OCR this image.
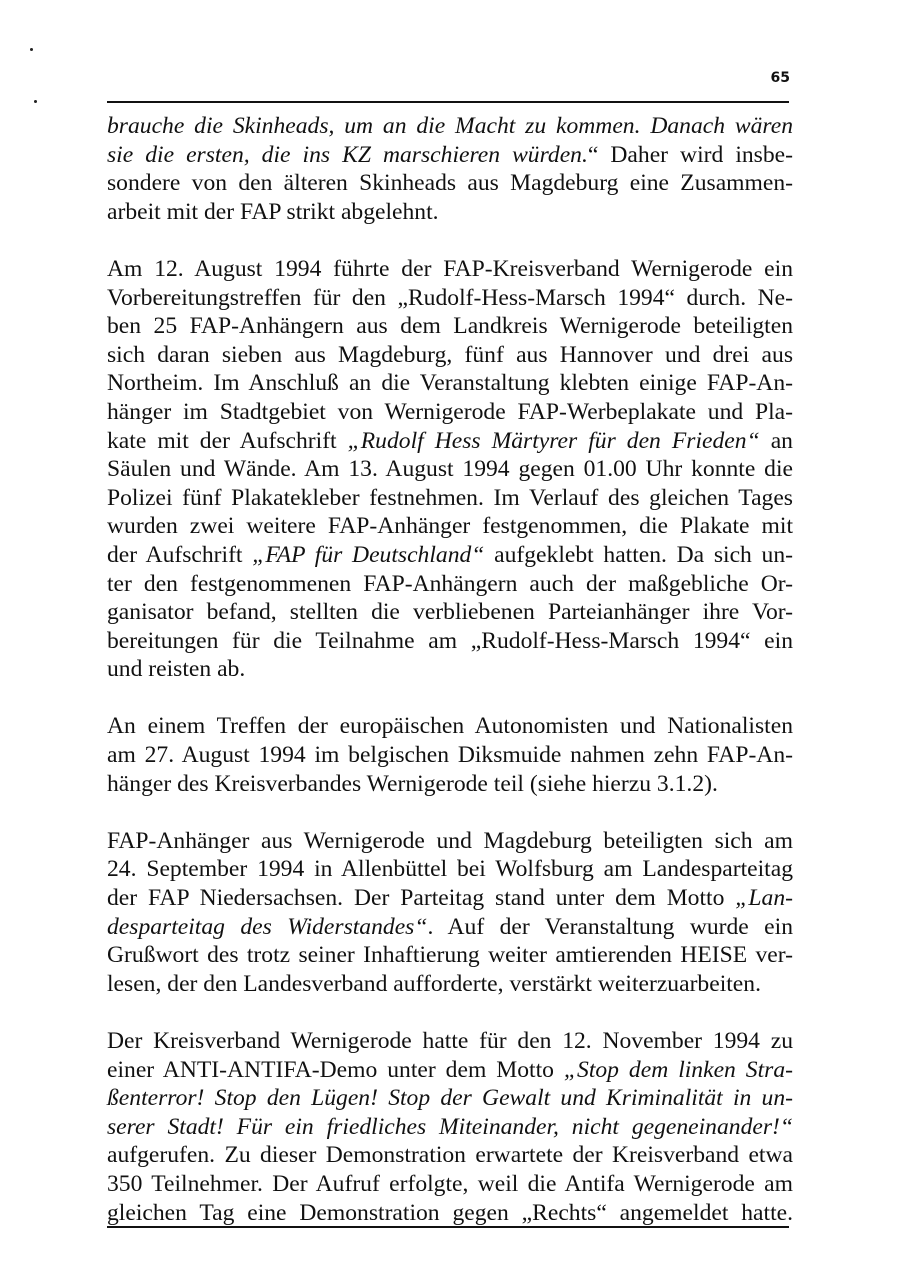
65
brauche die Skinheads, um an die Macht zu kommen. Danach wären
sie die ersten, die ins KZ marschieren würden.“ Daher wird insbe-
sondere von den älteren Skinheads aus Magdeburg eine Zusammen-
arbeit mit der FAP strikt abgelehnt.
Am 12. August 1994 führte der FAP-Kreisverband Wernigerode ein
Vorbereitungstreffen für den „Rudolf-Hess-Marsch 1994“ durch. Ne-
ben 25 FAP-Anhängern aus dem Landkreis Wernigerode beteiligten
sich daran sieben aus Magdeburg, fünf aus Hannover und drei aus
Northeim. Im Anschluß an die Veranstaltung klebten einige FAP-An-
hänger im Stadtgebiet von Wernigerode FAP-Werbeplakate und Pla-
kate mit der Aufschrift „Rudolf Hess Märtyrer für den Frieden“ an
Säulen und Wände. Am 13. August 1994 gegen 01.00 Uhr konnte die
Polizei fünf Plakatekleber festnehmen. Im Verlauf des gleichen Tages
wurden zwei weitere FAP-Anhänger festgenommen, die Plakate mit
der Aufschrift „FAP für Deutschland“ aufgeklebt hatten. Da sich un-
ter den festgenommenen FAP-Anhängern auch der maßgebliche Or-
ganisator befand, stellten die verbliebenen Parteianhänger ihre Vor-
bereitungen für die Teilnahme am „Rudolf-Hess-Marsch 1994“ ein
und reisten ab.
An einem Treffen der europäischen Autonomisten und Nationalisten
am 27. August 1994 im belgischen Diksmuide nahmen zehn FAP-An-
hänger des Kreisverbandes Wernigerode teil (siehe hierzu 3.1.2).
FAP-Anhänger aus Wernigerode und Magdeburg beteiligten sich am
24. September 1994 in Allenbüttel bei Wolfsburg am Landesparteitag
der FAP Niedersachsen. Der Parteitag stand unter dem Motto „Lan-
desparteitag des Widerstandes“. Auf der Veranstaltung wurde ein
Grußwort des trotz seiner Inhaftierung weiter amtierenden HEISE ver-
lesen, der den Landesverband aufforderte, verstärkt weiterzuarbeiten.
Der Kreisverband Wernigerode hatte für den 12. November 1994 zu
einer ANTI-ANTIFA-Demo unter dem Motto „Stop dem linken Stra-
ßenterror! Stop den Lügen! Stop der Gewalt und Kriminalität in un-
serer Stadt! Für ein friedliches Miteinander, nicht gegeneinander!“
aufgerufen. Zu dieser Demonstration erwartete der Kreisverband etwa
350 Teilnehmer. Der Aufruf erfolgte, weil die Antifa Wernigerode am
gleichen Tag eine Demonstration gegen „Rechts“ angemeldet hatte.
